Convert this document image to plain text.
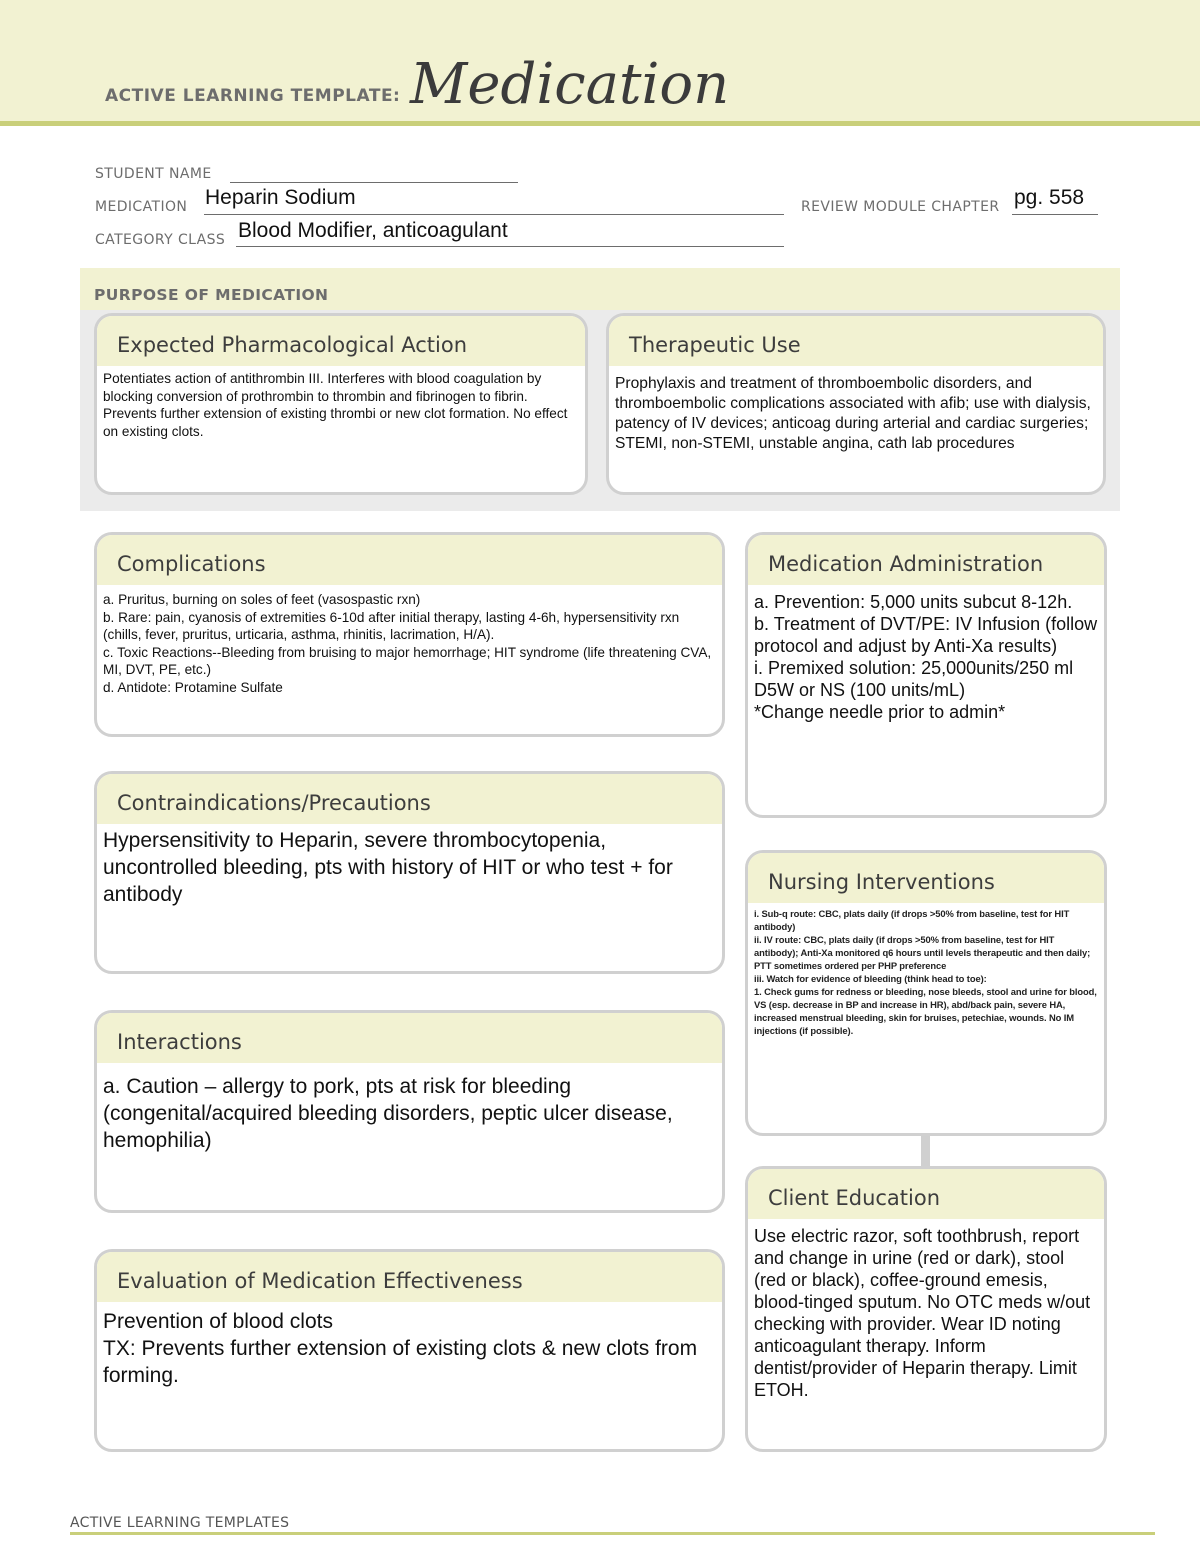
ACTIVE LEARNING TEMPLATE: Medication
STUDENT NAME
MEDICATION Heparin Sodium	REVIEW MODULE CHAPTER pg. 558
CATEGORY CLASS Blood Modifier, anticoagulant
PURPOSE OF MEDICATION
Expected Pharmacological Action
Potentiates action of antithrombin III. Interferes with blood coagulation by blocking conversion of prothrombin to thrombin and fibrinogen to fibrin. Prevents further extension of existing thrombi or new clot formation. No effect on existing clots.
Therapeutic Use
Prophylaxis and treatment of thromboembolic disorders, and thromboembolic complications associated with afib; use with dialysis, patency of IV devices; anticoag during arterial and cardiac surgeries; STEMI, non-STEMI, unstable angina, cath lab procedures
Complications
a. Pruritus, burning on soles of feet (vasospastic rxn)
b. Rare: pain, cyanosis of extremities 6-10d after initial therapy, lasting 4-6h, hypersensitivity rxn (chills, fever, pruritus, urticaria, asthma, rhinitis, lacrimation, H/A).
c. Toxic Reactions--Bleeding from bruising to major hemorrhage; HIT syndrome (life threatening CVA, MI, DVT, PE, etc.)
d. Antidote: Protamine Sulfate
Contraindications/Precautions
Hypersensitivity to Heparin, severe thrombocytopenia, uncontrolled bleeding, pts with history of HIT or who test + for antibody
Interactions
a. Caution – allergy to pork, pts at risk for bleeding (congenital/acquired bleeding disorders, peptic ulcer disease, hemophilia)
Evaluation of Medication Effectiveness
Prevention of blood clots
TX: Prevents further extension of existing clots & new clots from forming.
Medication Administration
a. Prevention: 5,000 units subcut 8-12h.
b. Treatment of DVT/PE: IV Infusion (follow protocol and adjust by Anti-Xa results)
i. Premixed solution: 25,000units/250 ml D5W or NS (100 units/mL)
*Change needle prior to admin*
Nursing Interventions
i. Sub-q route: CBC, plats daily (if drops >50% from baseline, test for HIT antibody)
ii. IV route: CBC, plats daily (if drops >50% from baseline, test for HIT antibody); Anti-Xa monitored q6 hours until levels therapeutic and then daily; PTT sometimes ordered per PHP preference
iii. Watch for evidence of bleeding (think head to toe):
1. Check gums for redness or bleeding, nose bleeds, stool and urine for blood, VS (esp. decrease in BP and increase in HR), abd/back pain, severe HA, increased menstrual bleeding, skin for bruises, petechiae, wounds. No IM injections (if possible).
Client Education
Use electric razor, soft toothbrush, report and change in urine (red or dark), stool (red or black), coffee-ground emesis, blood-tinged sputum. No OTC meds w/out checking with provider. Wear ID noting anticoagulant therapy. Inform dentist/provider of Heparin therapy. Limit ETOH.
ACTIVE LEARNING TEMPLATES
